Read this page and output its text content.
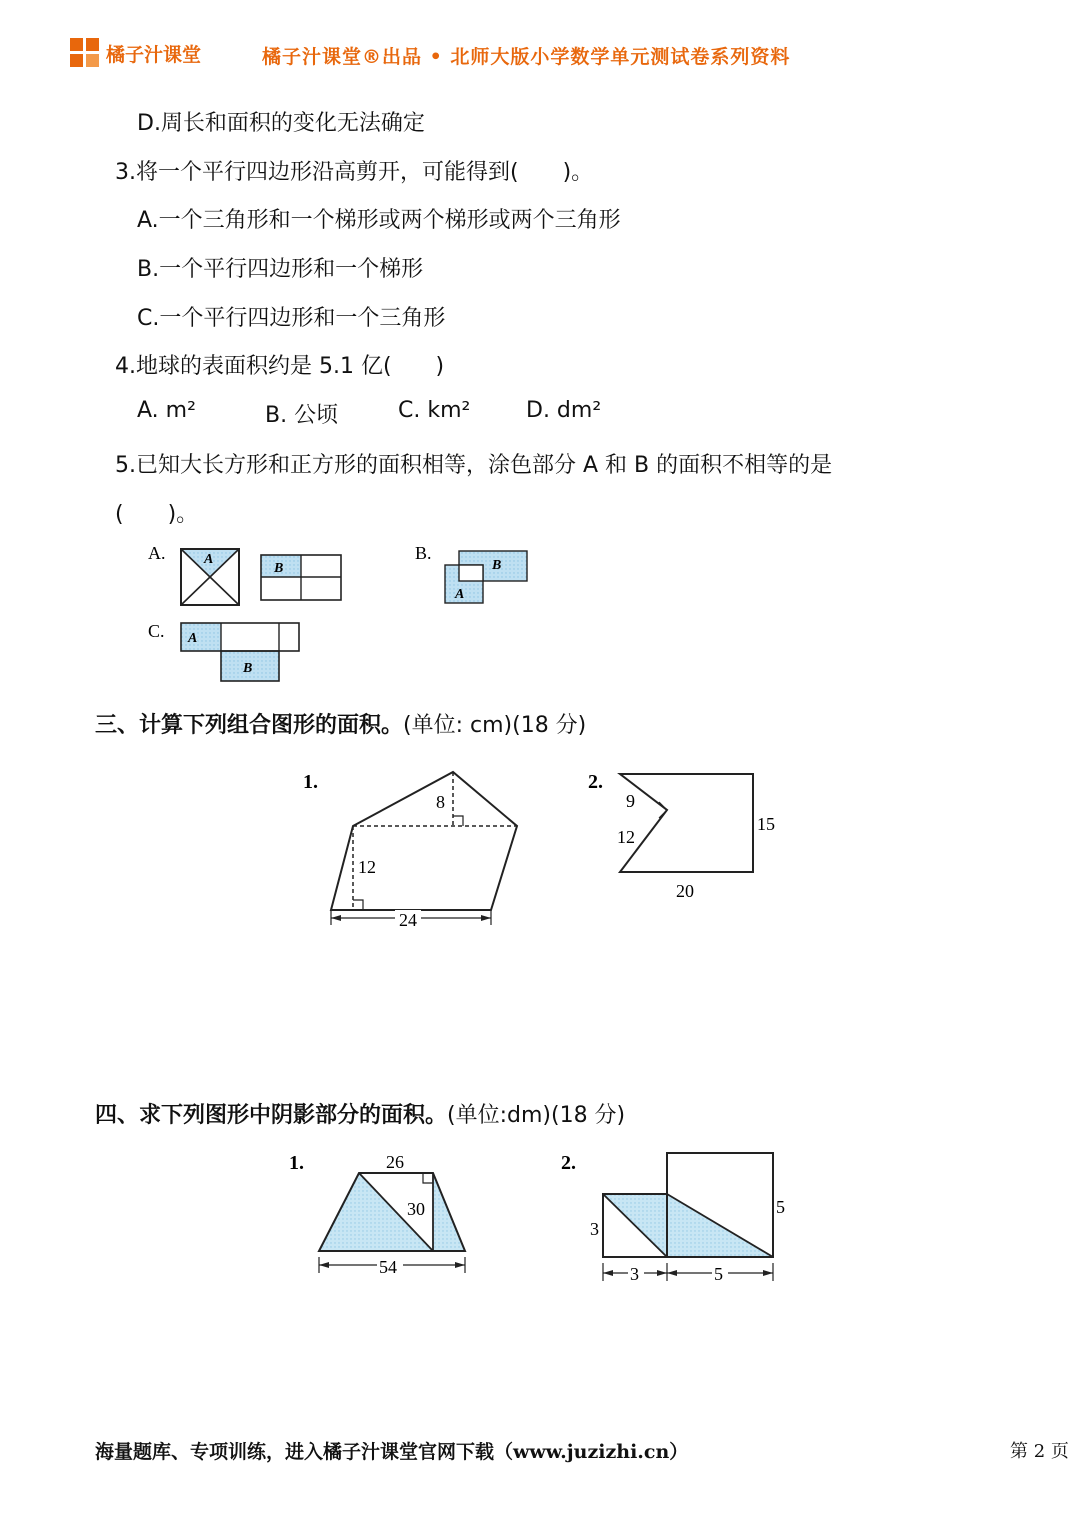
橘子汁课堂	橘子汁课堂®出品 • 北师大版小学数学单元测试卷系列资料
D.周长和面积的变化无法确定
3.将一个平行四边形沿高剪开，可能得到(　　)。
A.一个三角形和一个梯形或两个梯形或两个三角形
B.一个平行四边形和一个梯形
C.一个平行四边形和一个三角形
4.地球的表面积约是 5.1 亿(　　)
A. m²	B. 公顷	C. km²	D. dm²
5.已知大长方形和正方形的面积相等，涂色部分 A 和 B 的面积不相等的是
(　　)。
A.	A
B
B.
B
A
C. A
B
三、计算下列组合图形的面积。(单位: cm)(18 分)
1.
8
12
24
2.
9
12
15
20
四、求下列图形中阴影部分的面积。(单位:dm)(18 分)
1.	26
30
54
2.
3
5
3	5
海量题库、专项训练，进入橘子汁课堂官网下载（www.juzizhi.cn）	第 2 页
